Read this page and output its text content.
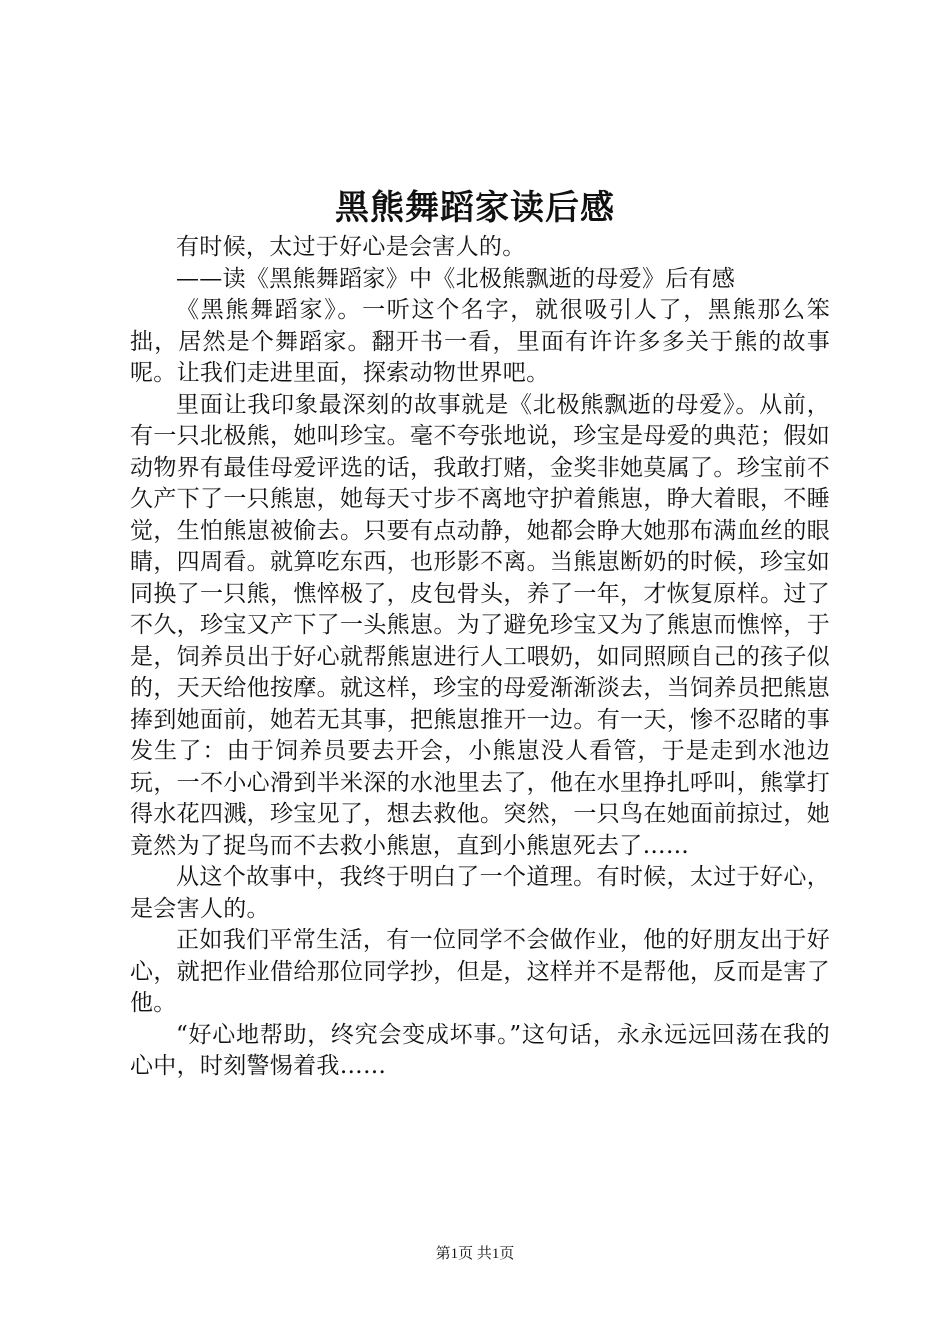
黑熊舞蹈家读后感

有时候，太过于好心是会害人的。

——读《黑熊舞蹈家》中《北极熊飘逝的母爱》后有感

《黑熊舞蹈家》。一听这个名字，就很吸引人了，黑熊那么笨拙，居然是个舞蹈家。翻开书一看，里面有许许多多关于熊的故事呢。让我们走进里面，探索动物世界吧。

里面让我印象最深刻的故事就是《北极熊飘逝的母爱》。从前，有一只北极熊，她叫珍宝。毫不夸张地说，珍宝是母爱的典范；假如动物界有最佳母爱评选的话，我敢打赌，金奖非她莫属了。珍宝前不久产下了一只熊崽，她每天寸步不离地守护着熊崽，睁大着眼，不睡觉，生怕熊崽被偷去。只要有点动静，她都会睁大她那布满血丝的眼睛，四周看。就算吃东西，也形影不离。当熊崽断奶的时候，珍宝如同换了一只熊，憔悴极了，皮包骨头，养了一年，才恢复原样。过了不久，珍宝又产下了一头熊崽。为了避免珍宝又为了熊崽而憔悴，于是，饲养员出于好心就帮熊崽进行人工喂奶，如同照顾自己的孩子似的，天天给他按摩。就这样，珍宝的母爱渐渐淡去，当饲养员把熊崽捧到她面前，她若无其事，把熊崽推开一边。有一天，惨不忍睹的事发生了：由于饲养员要去开会，小熊崽没人看管，于是走到水池边玩，一不小心滑到半米深的水池里去了，他在水里挣扎呼叫，熊掌打得水花四溅，珍宝见了，想去救他。突然，一只鸟在她面前掠过，她竟然为了捉鸟而不去救小熊崽，直到小熊崽死去了……

从这个故事中，我终于明白了一个道理。有时候，太过于好心，是会害人的。

正如我们平常生活，有一位同学不会做作业，他的好朋友出于好心，就把作业借给那位同学抄，但是，这样并不是帮他，反而是害了他。

“好心地帮助，终究会变成坏事。”这句话，永永远远回荡在我的心中，时刻警惕着我……

第1页 共1页
